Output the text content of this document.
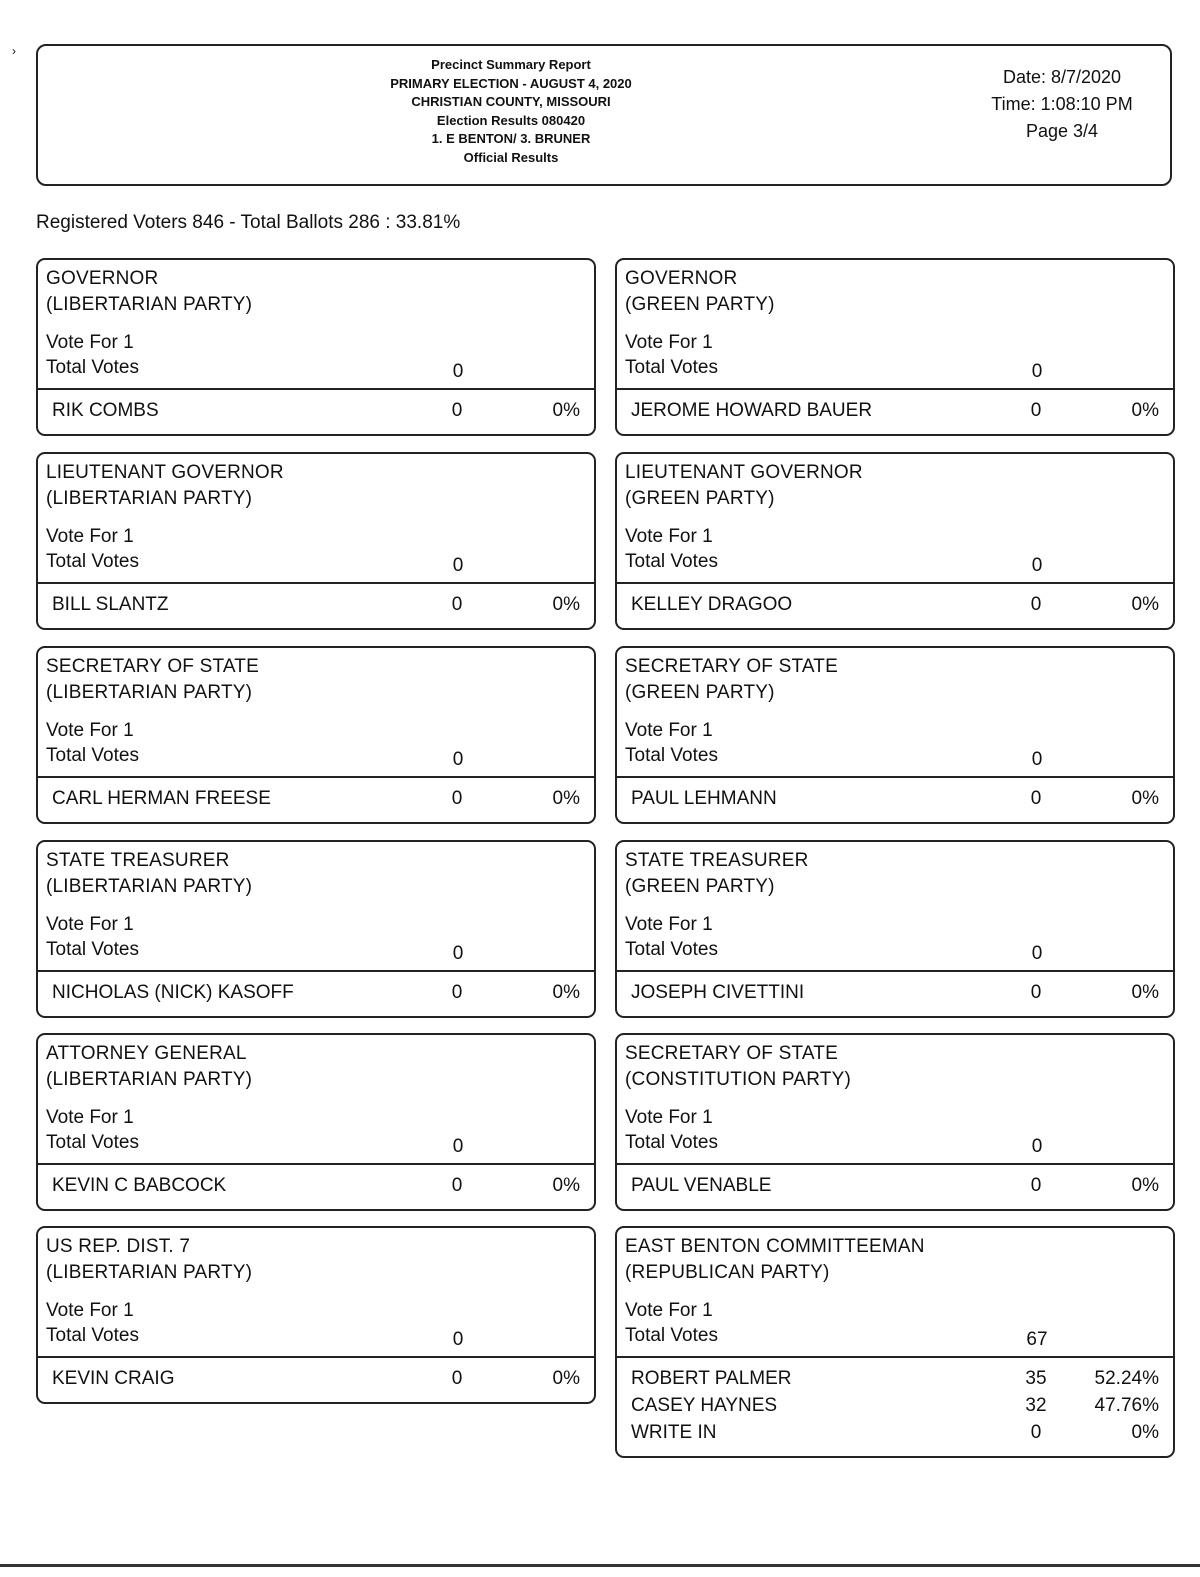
›
Precinct Summary Report
PRIMARY ELECTION - AUGUST 4, 2020
CHRISTIAN COUNTY, MISSOURI
Election Results 080420
1. E BENTON/ 3. BRUNER
Official Results
Date: 8/7/2020
Time: 1:08:10 PM
Page 3/4
Registered Voters 846 - Total Ballots 286 : 33.81%
GOVERNOR
(LIBERTARIAN PARTY)
Vote For 1
Total Votes	0
RIK COMBS	0	0%
GOVERNOR
(GREEN PARTY)
Vote For 1
Total Votes	0
JEROME HOWARD BAUER	0	0%
LIEUTENANT GOVERNOR
(LIBERTARIAN PARTY)
Vote For 1
Total Votes	0
BILL SLANTZ	0	0%
LIEUTENANT GOVERNOR
(GREEN PARTY)
Vote For 1
Total Votes	0
KELLEY DRAGOO	0	0%
SECRETARY OF STATE
(LIBERTARIAN PARTY)
Vote For 1
Total Votes	0
CARL HERMAN FREESE	0	0%
SECRETARY OF STATE
(GREEN PARTY)
Vote For 1
Total Votes	0
PAUL LEHMANN	0	0%
STATE TREASURER
(LIBERTARIAN PARTY)
Vote For 1
Total Votes	0
NICHOLAS (NICK) KASOFF	0	0%
STATE TREASURER
(GREEN PARTY)
Vote For 1
Total Votes	0
JOSEPH CIVETTINI	0	0%
ATTORNEY GENERAL
(LIBERTARIAN PARTY)
Vote For 1
Total Votes	0
KEVIN C BABCOCK	0	0%
SECRETARY OF STATE
(CONSTITUTION PARTY)
Vote For 1
Total Votes	0
PAUL VENABLE	0	0%
US REP. DIST. 7
(LIBERTARIAN PARTY)
Vote For 1
Total Votes	0
KEVIN CRAIG	0	0%
EAST BENTON COMMITTEEMAN
(REPUBLICAN PARTY)
Vote For 1
Total Votes	67
ROBERT PALMER	35	52.24%
CASEY HAYNES	32	47.76%
WRITE IN	0	0%
